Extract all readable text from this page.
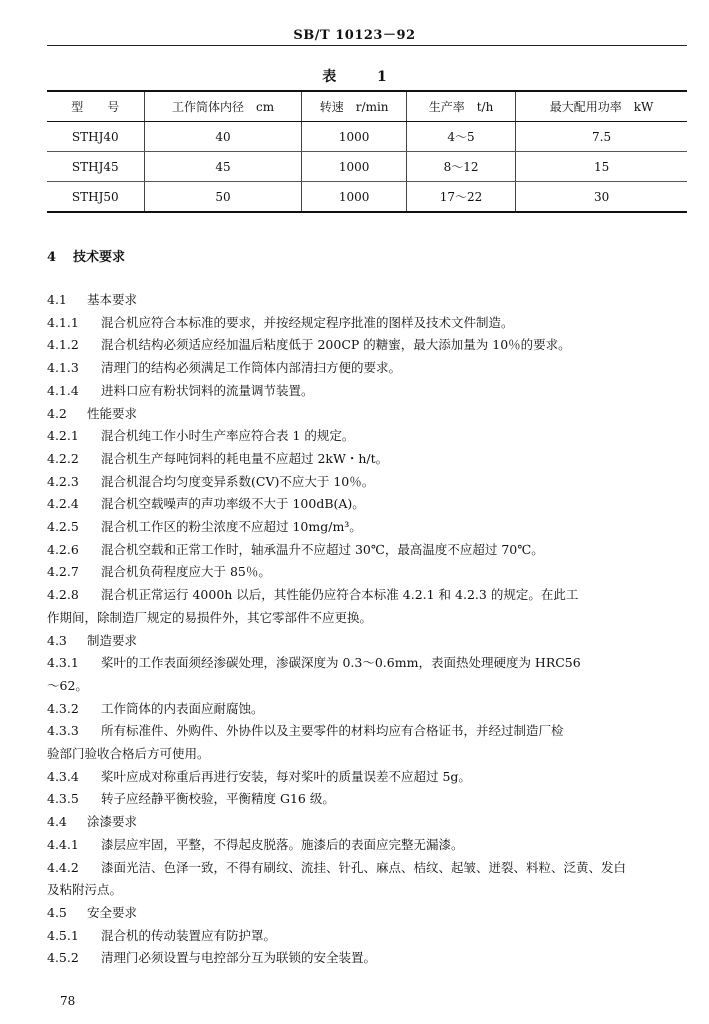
SB/T 10123－92
表 1
型　　号	工作筒体内径　cm	转速　r/min	生产率　t/h	最大配用功率　kW
STHJ40	40	1000	4～5	7.5
STHJ45	45	1000	8～12	15
STHJ50	50	1000	17～22	30
4 技术要求
4.1 基本要求
4.1.1 混合机应符合本标准的要求，并按经规定程序批准的图样及技术文件制造。
4.1.2 混合机结构必须适应经加温后粘度低于 200CP 的糖蜜，最大添加量为 10％的要求。
4.1.3 清理门的结构必须满足工作筒体内部清扫方便的要求。
4.1.4 进料口应有粉状饲料的流量调节装置。
4.2 性能要求
4.2.1 混合机纯工作小时生产率应符合表 1 的规定。
4.2.2 混合机生产每吨饲料的耗电量不应超过 2kW・h/t。
4.2.3 混合机混合均匀度变异系数(CV)不应大于 10％。
4.2.4 混合机空载噪声的声功率级不大于 100dB(A)。
4.2.5 混合机工作区的粉尘浓度不应超过 10mg/m³。
4.2.6 混合机空载和正常工作时，轴承温升不应超过 30℃，最高温度不应超过 70℃。
4.2.7 混合机负荷程度应大于 85％。
4.2.8 混合机正常运行 4000h 以后，其性能仍应符合本标准 4.2.1 和 4.2.3 的规定。在此工
作期间，除制造厂规定的易损件外，其它零部件不应更换。
4.3 制造要求
4.3.1 桨叶的工作表面须经渗碳处理，渗碳深度为 0.3～0.6mm，表面热处理硬度为 HRC56
～62。
4.3.2 工作筒体的内表面应耐腐蚀。
4.3.3 所有标准件、外购件、外协件以及主要零件的材料均应有合格证书，并经过制造厂检
验部门验收合格后方可使用。
4.3.4 桨叶应成对称重后再进行安装，每对桨叶的质量误差不应超过 5g。
4.3.5 转子应经静平衡校验，平衡精度 G16 级。
4.4 涂漆要求
4.4.1 漆层应牢固，平整，不得起皮脱落。施漆后的表面应完整无漏漆。
4.4.2 漆面光洁、色泽一致，不得有刷纹、流挂、针孔、麻点、桔纹、起皱、迸裂、料粒、泛黄、发白
及粘附污点。
4.5 安全要求
4.5.1 混合机的传动装置应有防护罩。
4.5.2 清理门必须设置与电控部分互为联锁的安全装置。
78
